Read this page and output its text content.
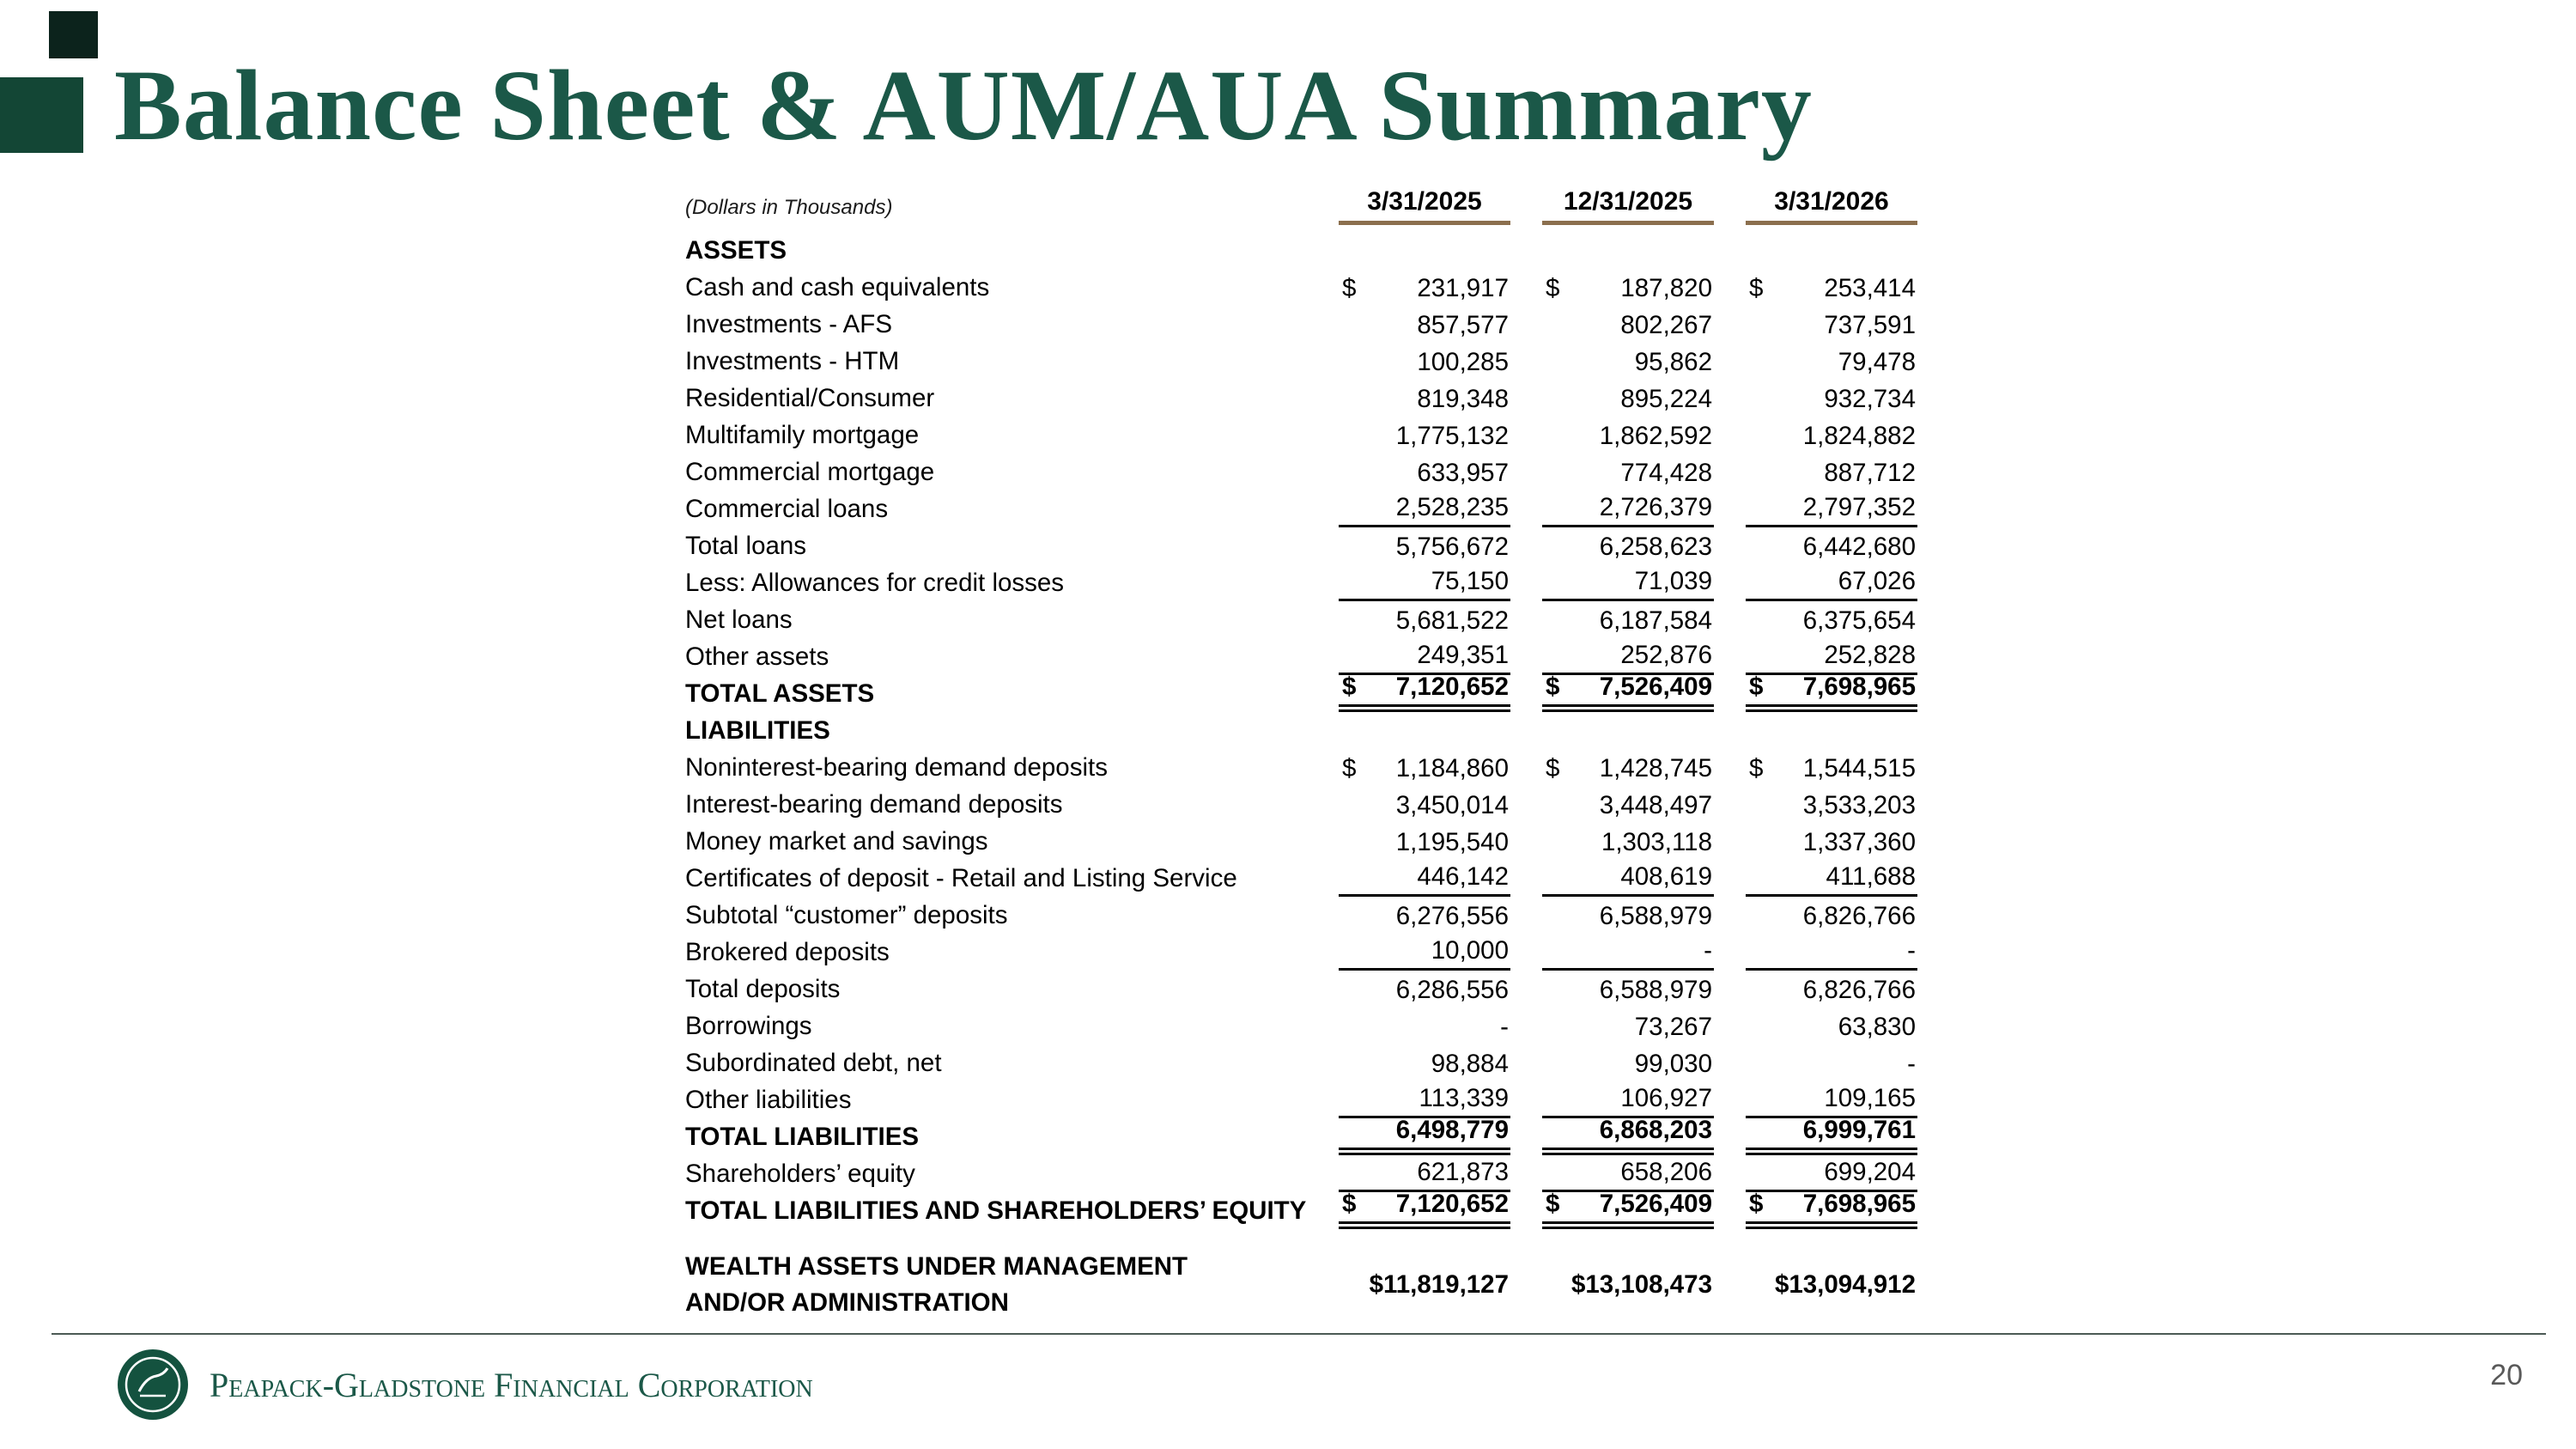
Balance Sheet & AUM/AUA Summary
(Dollars in Thousands)	3/31/2025	12/31/2025	3/31/2026
ASSETS
Cash and cash equivalents	$ 231,917 $ 187,820 $ 253,414
Investments - AFS	857,577	802,267	737,591
Investments - HTM	100,285	95,862	79,478
Residential/Consumer	819,348	895,224	932,734
Multifamily mortgage	1,775,132	1,862,592	1,824,882
Commercial mortgage	633,957	774,428	887,712
Commercial loans	2,528,235	2,726,379	2,797,352
Total loans	5,756,672	6,258,623	6,442,680
Less: Allowances for credit losses	75,150	71,039	67,026
Net loans	5,681,522	6,187,584	6,375,654
Other assets	249,351	252,876	252,828
TOTAL ASSETS	$ 7,120,652 $ 7,526,409 $ 7,698,965
LIABILITIES
Noninterest-bearing demand deposits	$ 1,184,860 $ 1,428,745 $ 1,544,515
Interest-bearing demand deposits	3,450,014	3,448,497	3,533,203
Money market and savings	1,195,540	1,303,118	1,337,360
Certificates of deposit - Retail and Listing Service	446,142	408,619	411,688
Subtotal “customer” deposits	6,276,556	6,588,979	6,826,766
Brokered deposits	10,000	-	-
Total deposits	6,286,556	6,588,979	6,826,766
Borrowings	-	73,267	63,830
Subordinated debt, net	98,884	99,030	-
Other liabilities	113,339	106,927	109,165
TOTAL LIABILITIES	6,498,779	6,868,203	6,999,761
Shareholders’ equity	621,873	658,206	699,204
TOTAL LIABILITIES AND SHAREHOLDERS’ EQUITY $ 7,120,652 $ 7,526,409 $ 7,698,965
WEALTH ASSETS UNDER MANAGEMENT
AND/OR ADMINISTRATION
$11,819,127 $13,108,473 $13,094,912
Peapack-Gladstone Financial Corporation	20
